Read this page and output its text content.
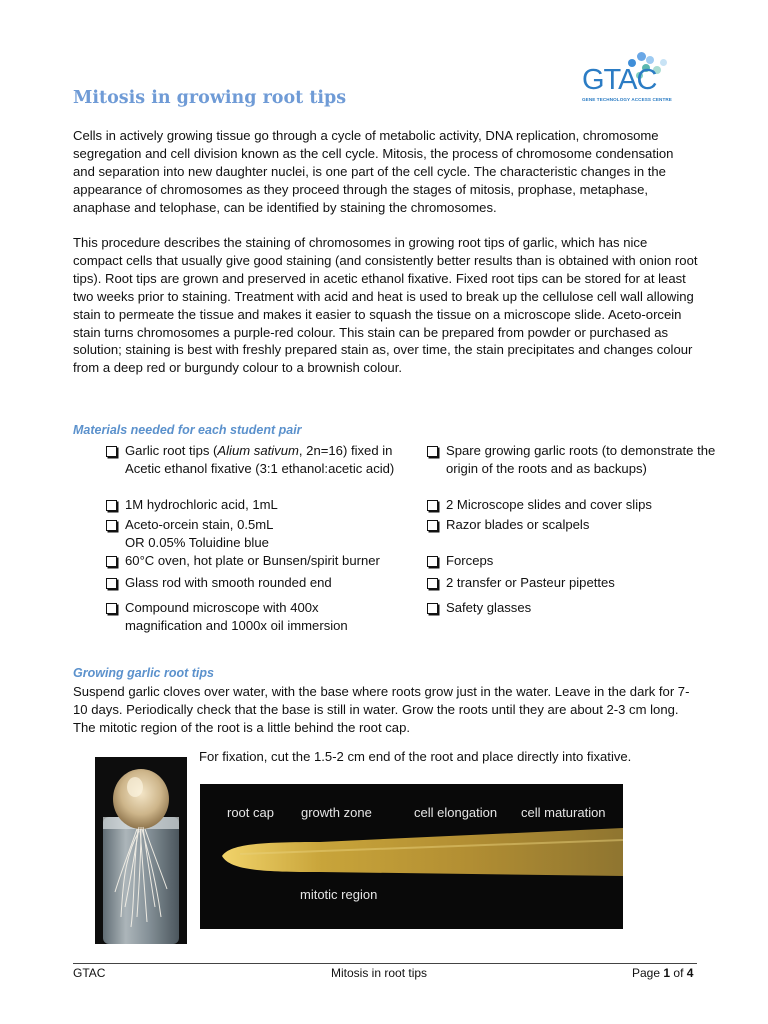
Mitosis in growing root tips
GTAC
GENE TECHNOLOGY ACCESS CENTRE

Cells in actively growing tissue go through a cycle of metabolic activity, DNA replication, chromosome segregation and cell division known as the cell cycle. Mitosis, the process of chromosome condensation and separation into new daughter nuclei, is one part of the cell cycle. The characteristic changes in the appearance of chromosomes as they proceed through the stages of mitosis, prophase, metaphase, anaphase and telophase, can be identified by staining the chromosomes.

This procedure describes the staining of chromosomes in growing root tips of garlic, which has nice compact cells that usually give good staining (and consistently better results than is obtained with onion root tips). Root tips are grown and preserved in acetic ethanol fixative. Fixed root tips can be stored for at least two weeks prior to staining. Treatment with acid and heat is used to break up the cellulose cell wall allowing stain to permeate the tissue and makes it easier to squash the tissue on a microscope slide. Aceto-orcein stain turns chromosomes a purple-red colour. This stain can be prepared from powder or purchased as solution; staining is best with freshly prepared stain as, over time, the stain precipitates and changes colour from a deep red or burgundy colour to a brownish colour.

Materials needed for each student pair

Garlic root tips (Alium sativum, 2n=16) fixed in Acetic ethanol fixative (3:1 ethanol:acetic acid)
1M hydrochloric acid, 1mL
Aceto-orcein stain, 0.5mL
OR 0.05% Toluidine blue
60°C oven, hot plate or Bunsen/spirit burner
Glass rod with smooth rounded end
Compound microscope with 400x magnification and 1000x oil immersion
Spare growing garlic roots (to demonstrate the origin of the roots and as backups)
2 Microscope slides and cover slips
Razor blades or scalpels
Forceps
2 transfer or Pasteur pipettes
Safety glasses

Growing garlic root tips

Suspend garlic cloves over water, with the base where roots grow just in the water. Leave in the dark for 7-10 days. Periodically check that the base is still in water. Grow the roots until they are about 2-3 cm long. The mitotic region of the root is a little behind the root cap.

For fixation, cut the 1.5-2 cm end of the root and place directly into fixative.

root cap growth zone	cell elongation cell maturation
mitotic region
GTAC	Mitosis in root tips	Page 1 of 4
